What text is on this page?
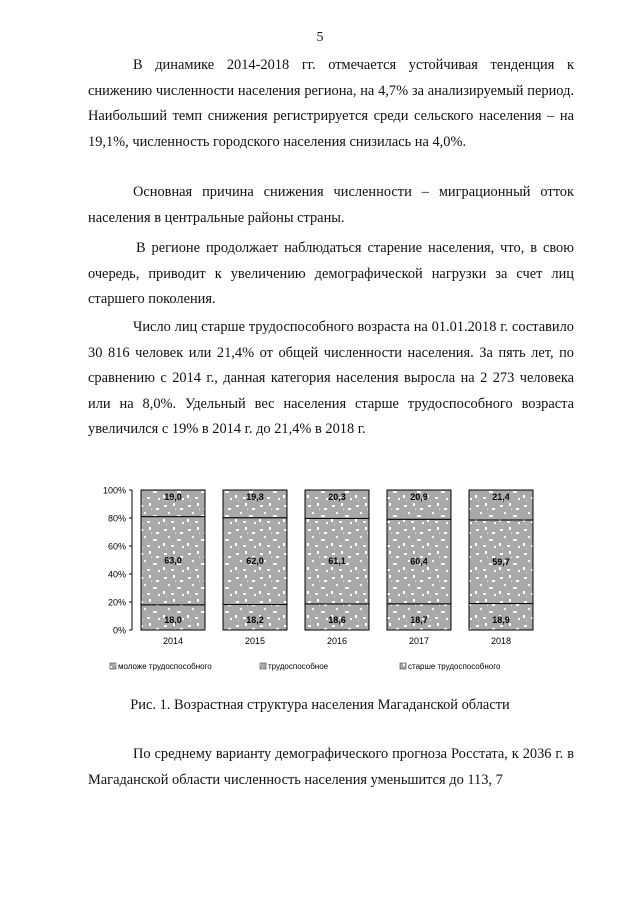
5

В динамике 2014-2018 гг. отмечается устойчивая тенденция к снижению численности населения региона, на 4,7% за анализируемый период. Наибольший темп снижения регистрируется среди сельского населения – на 19,1%, численность городского населения снизилась на 4,0%.

Основная причина снижения численности – миграционный отток населения в центральные районы страны.

В регионе продолжает наблюдаться старение населения, что, в свою очередь, приводит к увеличению демографической нагрузки за счет лиц старшего поколения.

Число лиц старше трудоспособного возраста на 01.01.2018 г. составило 30 816 человек или 21,4% от общей численности населения. За пять лет, по сравнению с 2014 г., данная категория населения выросла на 2 273 человека или на 8,0%. Удельный вес населения старше трудоспособного возраста увеличился с 19% в 2014 г. до 21,4% в 2018 г.

0%
20%
40%
60%
80%
100%
18,0
63,0
19,0
2014
18,2
62,0
19,8
2015
18,6
61,1
20,3
2016
18,7
60,4
20,9
2017
18,9
59,7
21,4
2018
моложе трудоспособного	трудоспособное	старше трудоспособного
Рис. 1. Возрастная структура населения Магаданской области

По среднему варианту демографического прогноза Росстата, к 2036 г. в Магаданской области численность населения уменьшится до 113, 7
